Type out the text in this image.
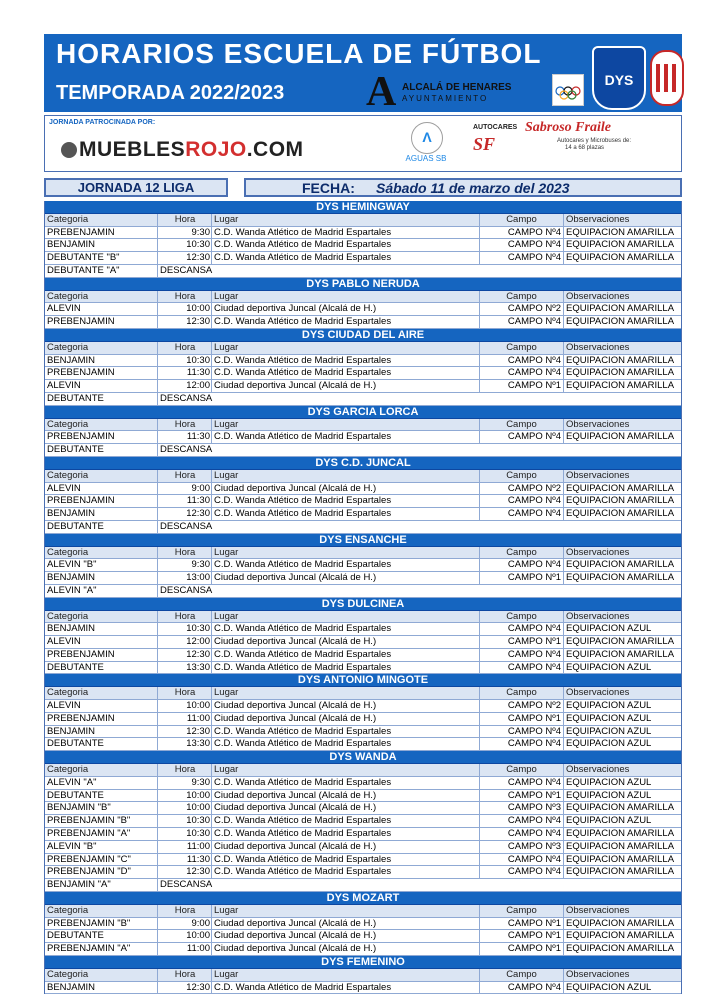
HORARIOS ESCUELA DE FÚTBOL
TEMPORADA 2022/2023 A ALCALÁ DE HENARES
AYUNTAMIENTO
DYS
JORNADA PATROCINADA POR:
MUEBLESROJO.COM
Λ	AGUAS SB
AUTOCARES Sabroso Fraile
SF	Autocares y Microbuses de:
14 a 68 plazas
JORNADA 12 LIGA	FECHA: Sábado 11 de marzo del 2023
DYS HEMINGWAY
Categoria	Hora	Lugar	Campo	Observaciones
PREBENJAMIN	9:30 C.D. Wanda Atlético de Madrid Espartales	CAMPO Nº4 EQUIPACION AMARILLA
BENJAMIN	10:30 C.D. Wanda Atlético de Madrid Espartales	CAMPO Nº4 EQUIPACION AMARILLA
DEBUTANTE "B"	12:30 C.D. Wanda Atlético de Madrid Espartales	CAMPO Nº4 EQUIPACION AMARILLA
DEBUTANTE "A"	DESCANSA
DYS PABLO NERUDA
Categoria	Hora	Lugar	Campo	Observaciones
ALEVIN	10:00 Ciudad deportiva Juncal (Alcalá de H.)	CAMPO Nº2 EQUIPACION AMARILLA
PREBENJAMIN	12:30 C.D. Wanda Atlético de Madrid Espartales	CAMPO Nº4 EQUIPACION AMARILLA
DYS CIUDAD DEL AIRE
Categoria	Hora	Lugar	Campo	Observaciones
BENJAMIN	10:30 C.D. Wanda Atlético de Madrid Espartales	CAMPO Nº4 EQUIPACION AMARILLA
PREBENJAMIN	11:30 C.D. Wanda Atlético de Madrid Espartales	CAMPO Nº4 EQUIPACION AMARILLA
ALEVIN	12:00 Ciudad deportiva Juncal (Alcalá de H.)	CAMPO Nº1 EQUIPACION AMARILLA
DEBUTANTE	DESCANSA
DYS GARCIA LORCA
Categoria	Hora	Lugar	Campo	Observaciones
PREBENJAMIN	11:30 C.D. Wanda Atlético de Madrid Espartales	CAMPO Nº4 EQUIPACION AMARILLA
DEBUTANTE	DESCANSA
DYS C.D. JUNCAL
Categoria	Hora	Lugar	Campo	Observaciones
ALEVIN	9:00 Ciudad deportiva Juncal (Alcalá de H.)	CAMPO Nº2 EQUIPACION AMARILLA
PREBENJAMIN	11:30 C.D. Wanda Atlético de Madrid Espartales	CAMPO Nº4 EQUIPACION AMARILLA
BENJAMIN	12:30 C.D. Wanda Atlético de Madrid Espartales	CAMPO Nº4 EQUIPACION AMARILLA
DEBUTANTE	DESCANSA
DYS ENSANCHE
Categoria	Hora	Lugar	Campo	Observaciones
ALEVIN "B"	9:30 C.D. Wanda Atlético de Madrid Espartales	CAMPO Nº4 EQUIPACION AMARILLA
BENJAMIN	13:00 Ciudad deportiva Juncal (Alcalá de H.)	CAMPO Nº1 EQUIPACION AMARILLA
ALEVIN "A"	DESCANSA
DYS DULCINEA
Categoria	Hora	Lugar	Campo	Observaciones
BENJAMIN	10:30 C.D. Wanda Atlético de Madrid Espartales	CAMPO Nº4 EQUIPACION AZUL
ALEVIN	12:00 Ciudad deportiva Juncal (Alcalá de H.)	CAMPO Nº1 EQUIPACION AMARILLA
PREBENJAMIN	12:30 C.D. Wanda Atlético de Madrid Espartales	CAMPO Nº4 EQUIPACION AMARILLA
DEBUTANTE	13:30 C.D. Wanda Atlético de Madrid Espartales	CAMPO Nº4 EQUIPACION AZUL
DYS ANTONIO MINGOTE
Categoria	Hora	Lugar	Campo	Observaciones
ALEVIN	10:00 Ciudad deportiva Juncal (Alcalá de H.)	CAMPO Nº2 EQUIPACION AZUL
PREBENJAMIN	11:00 Ciudad deportiva Juncal (Alcalá de H.)	CAMPO Nº1 EQUIPACION AZUL
BENJAMIN	12:30 C.D. Wanda Atlético de Madrid Espartales	CAMPO Nº4 EQUIPACION AZUL
DEBUTANTE	13:30 C.D. Wanda Atlético de Madrid Espartales	CAMPO Nº4 EQUIPACION AZUL
DYS WANDA
Categoria	Hora	Lugar	Campo	Observaciones
ALEVIN "A"	9:30 C.D. Wanda Atlético de Madrid Espartales	CAMPO Nº4 EQUIPACION AZUL
DEBUTANTE	10:00 Ciudad deportiva Juncal (Alcalá de H.)	CAMPO Nº1 EQUIPACION AZUL
BENJAMIN "B"	10:00 Ciudad deportiva Juncal (Alcalá de H.)	CAMPO Nº3 EQUIPACION AMARILLA
PREBENJAMIN "B"	10:30 C.D. Wanda Atlético de Madrid Espartales	CAMPO Nº4 EQUIPACION AZUL
PREBENJAMIN "A"	10:30 C.D. Wanda Atlético de Madrid Espartales	CAMPO Nº4 EQUIPACION AMARILLA
ALEVIN "B"	11:00 Ciudad deportiva Juncal (Alcalá de H.)	CAMPO Nº3 EQUIPACION AMARILLA
PREBENJAMIN "C"	11:30 C.D. Wanda Atlético de Madrid Espartales	CAMPO Nº4 EQUIPACION AMARILLA
PREBENJAMIN "D"	12:30 C.D. Wanda Atlético de Madrid Espartales	CAMPO Nº4 EQUIPACION AMARILLA
BENJAMIN "A"	DESCANSA
DYS MOZART
Categoria	Hora	Lugar	Campo	Observaciones
PREBENJAMIN "B"	9:00 Ciudad deportiva Juncal (Alcalá de H.)	CAMPO Nº1 EQUIPACION AMARILLA
DEBUTANTE	10:00 Ciudad deportiva Juncal (Alcalá de H.)	CAMPO Nº1 EQUIPACION AMARILLA
PREBENJAMIN "A"	11:00 Ciudad deportiva Juncal (Alcalá de H.)	CAMPO Nº1 EQUIPACION AMARILLA
DYS FEMENINO
Categoria	Hora	Lugar	Campo	Observaciones
BENJAMIN	12:30 C.D. Wanda Atlético de Madrid Espartales	CAMPO Nº4 EQUIPACION AZUL
